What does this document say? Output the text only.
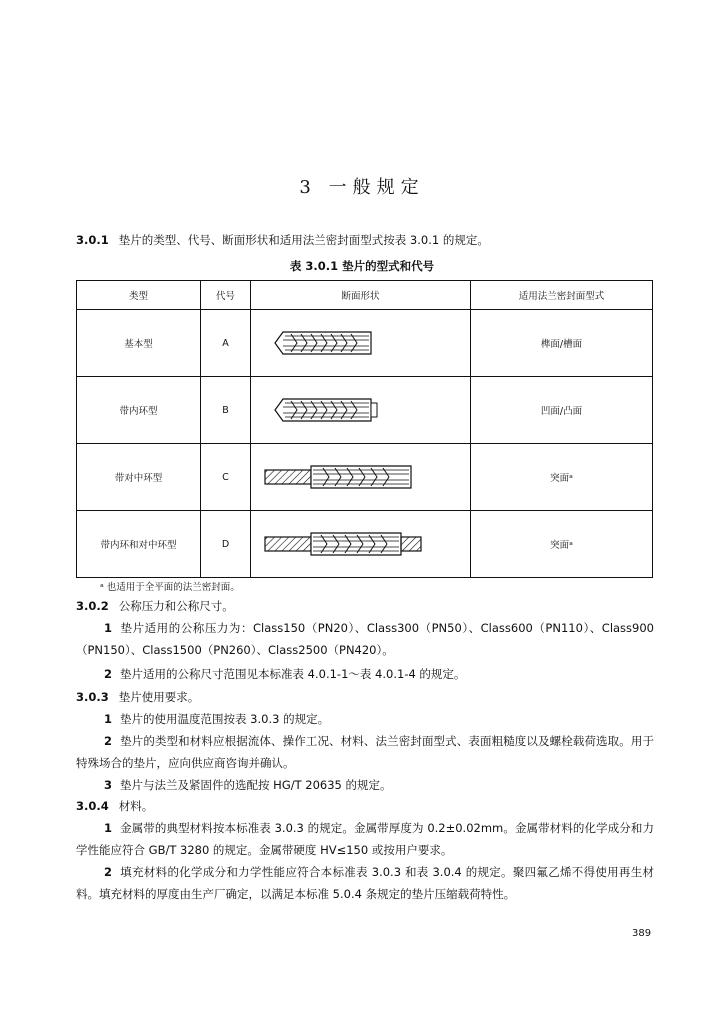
3 一般规定
3.0.1 垫片的类型、代号、断面形状和适用法兰密封面型式按表 3.0.1 的规定。
表 3.0.1 垫片的型式和代号
类型	代号	断面形状	适用法兰密封面型式
基本型	A		榫面/槽面
带内环型	B		凹面/凸面
带对中环型	C		突面ᵃ
带内环和对中环型	D		突面ᵃ
ᵃ 也适用于全平面的法兰密封面。
3.0.2 公称压力和公称尺寸。
1 垫片适用的公称压力为：Class150（PN20）、Class300（PN50）、Class600（PN110）、Class900（PN150）、Class1500（PN260）、Class2500（PN420）。
2 垫片适用的公称尺寸范围见本标准表 4.0.1-1～表 4.0.1-4 的规定。
3.0.3 垫片使用要求。
1 垫片的使用温度范围按表 3.0.3 的规定。
2 垫片的类型和材料应根据流体、操作工况、材料、法兰密封面型式、表面粗糙度以及螺栓载荷选取。用于特殊场合的垫片，应向供应商咨询并确认。
3 垫片与法兰及紧固件的选配按 HG/T 20635 的规定。
3.0.4 材料。
1 金属带的典型材料按本标准表 3.0.3 的规定。金属带厚度为 0.2±0.02mm。金属带材料的化学成分和力学性能应符合 GB/T 3280 的规定。金属带硬度 HV≤150 或按用户要求。
2 填充材料的化学成分和力学性能应符合本标准表 3.0.3 和表 3.0.4 的规定。聚四氟乙烯不得使用再生材料。填充材料的厚度由生产厂确定，以满足本标准 5.0.4 条规定的垫片压缩载荷特性。
389
